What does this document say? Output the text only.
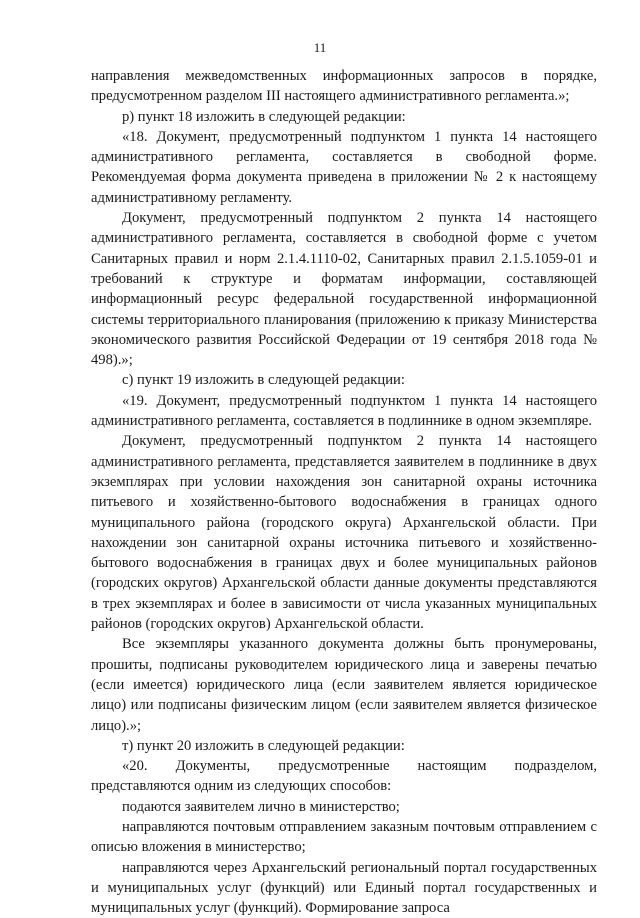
11

направления межведомственных информационных запросов в порядке, предусмотренном разделом III настоящего административного регламента.»;

р) пункт 18 изложить в следующей редакции:

«18. Документ, предусмотренный подпунктом 1 пункта 14 настоящего административного регламента, составляется в свободной форме. Рекомендуемая форма документа приведена в приложении № 2 к настоящему административному регламенту.

Документ, предусмотренный подпунктом 2 пункта 14 настоящего административного регламента, составляется в свободной форме с учетом Санитарных правил и норм 2.1.4.1110-02, Санитарных правил 2.1.5.1059-01 и требований к структуре и форматам информации, составляющей информационный ресурс федеральной государственной информационной системы территориального планирования (приложению к приказу Министерства экономического развития Российской Федерации от 19 сентября 2018 года № 498).»;

с) пункт 19 изложить в следующей редакции:

«19. Документ, предусмотренный подпунктом 1 пункта 14 настоящего административного регламента, составляется в подлиннике в одном экземпляре.

Документ, предусмотренный подпунктом 2 пункта 14 настоящего административного регламента, представляется заявителем в подлиннике в двух экземплярах при условии нахождения зон санитарной охраны источника питьевого и хозяйственно-бытового водоснабжения в границах одного муниципального района (городского округа) Архангельской области. При нахождении зон санитарной охраны источника питьевого и хозяйственно-бытового водоснабжения в границах двух и более муниципальных районов (городских округов) Архангельской области данные документы представляются в трех экземплярах и более в зависимости от числа указанных муниципальных районов (городских округов) Архангельской области.

Все экземпляры указанного документа должны быть пронумерованы, прошиты, подписаны руководителем юридического лица и заверены печатью (если имеется) юридического лица (если заявителем является юридическое лицо) или подписаны физическим лицом (если заявителем является физическое лицо).»;

т) пункт 20 изложить в следующей редакции:

«20. Документы, предусмотренные настоящим подразделом, представляются одним из следующих способов:

подаются заявителем лично в министерство;

направляются почтовым отправлением заказным почтовым отправлением с описью вложения в министерство;

направляются через Архангельский региональный портал государственных и муниципальных услуг (функций) или Единый портал государственных и муниципальных услуг (функций). Формирование запроса
